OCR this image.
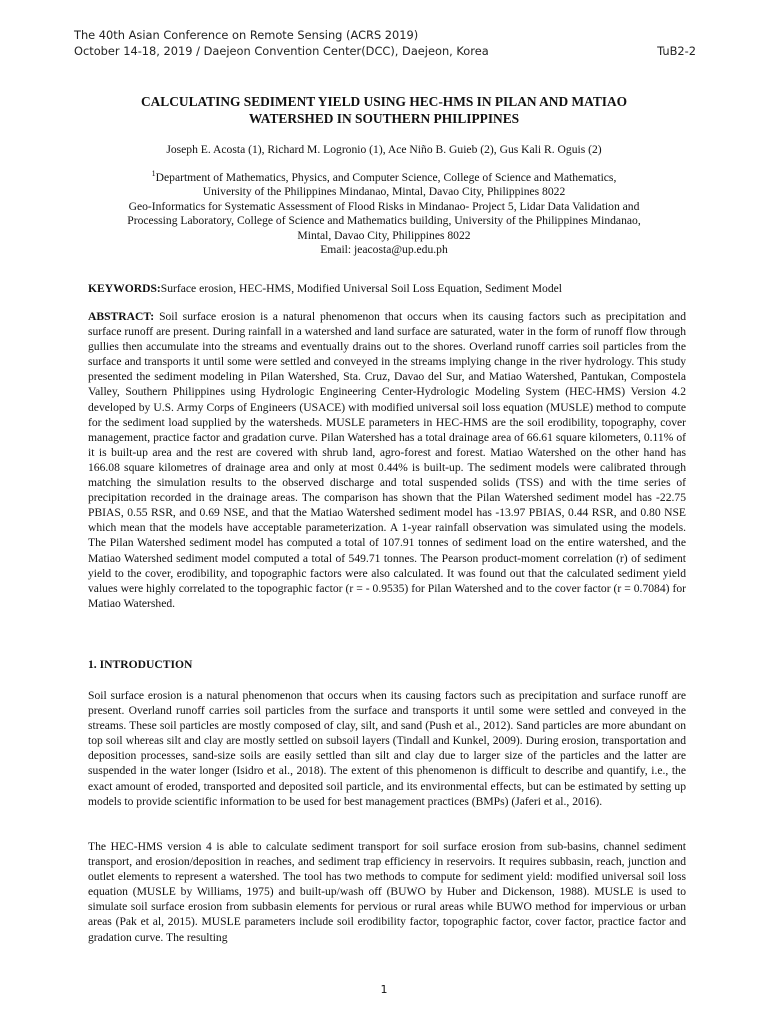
The 40th Asian Conference on Remote Sensing (ACRS 2019)
October 14-18, 2019 / Daejeon Convention Center(DCC), Daejeon, Korea	TuB2-2
CALCULATING SEDIMENT YIELD USING HEC-HMS IN PILAN AND MATIAO
WATERSHED IN SOUTHERN PHILIPPINES
Joseph E. Acosta (1), Richard M. Logronio (1), Ace Niño B. Guieb (2), Gus Kali R. Oguis (2)
$^1$Department of Mathematics, Physics, and Computer Science, College of Science and Mathematics,
University of the Philippines Mindanao, Mintal, Davao City, Philippines 8022
Geo-Informatics for Systematic Assessment of Flood Risks in Mindanao- Project 5, Lidar Data Validation and
Processing Laboratory, College of Science and Mathematics building, University of the Philippines Mindanao,
Mintal, Davao City, Philippines 8022
Email: jeacosta@up.edu.ph
KEYWORDS:Surface erosion, HEC-HMS, Modified Universal Soil Loss Equation, Sediment Model

ABSTRACT: Soil surface erosion is a natural phenomenon that occurs when its causing factors such as precipitation and surface runoff are present. During rainfall in a watershed and land surface are saturated, water in the form of runoff flow through gullies then accumulate into the streams and eventually drains out to the shores. Overland runoff carries soil particles from the surface and transports it until some were settled and conveyed in the streams implying change in the river hydrology. This study presented the sediment modeling in Pilan Watershed, Sta. Cruz, Davao del Sur, and Matiao Watershed, Pantukan, Compostela Valley, Southern Philippines using Hydrologic Engineering Center-Hydrologic Modeling System (HEC-HMS) Version 4.2 developed by U.S. Army Corps of Engineers (USACE) with modified universal soil loss equation (MUSLE) method to compute for the sediment load supplied by the watersheds. MUSLE parameters in HEC-HMS are the soil erodibility, topography, cover management, practice factor and gradation curve. Pilan Watershed has a total drainage area of 66.61 square kilometers, 0.11% of it is built-up area and the rest are covered with shrub land, agro-forest and forest. Matiao Watershed on the other hand has 166.08 square kilometres of drainage area and only at most 0.44% is built-up. The sediment models were calibrated through matching the simulation results to the observed discharge and total suspended solids (TSS) and with the time series of precipitation recorded in the drainage areas. The comparison has shown that the Pilan Watershed sediment model has -22.75 PBIAS, 0.55 RSR, and 0.69 NSE, and that the Matiao Watershed sediment model has -13.97 PBIAS, 0.44 RSR, and 0.80 NSE which mean that the models have acceptable parameterization. A 1-year rainfall observation was simulated using the models. The Pilan Watershed sediment model has computed a total of 107.91 tonnes of sediment load on the entire watershed, and the Matiao Watershed sediment model computed a total of 549.71 tonnes. The Pearson product-moment correlation (r) of sediment yield to the cover, erodibility, and topographic factors were also calculated. It was found out that the calculated sediment yield values were highly correlated to the topographic factor (r = - 0.9535) for Pilan Watershed and to the cover factor (r = 0.7084) for Matiao Watershed.

1. INTRODUCTION

Soil surface erosion is a natural phenomenon that occurs when its causing factors such as precipitation and surface runoff are present. Overland runoff carries soil particles from the surface and transports it until some were settled and conveyed in the streams. These soil particles are mostly composed of clay, silt, and sand (Push et al., 2012). Sand particles are more abundant on top soil whereas silt and clay are mostly settled on subsoil layers (Tindall and Kunkel, 2009). During erosion, transportation and deposition processes, sand-size soils are easily settled than silt and clay due to larger size of the particles and the latter are suspended in the water longer (Isidro et al., 2018). The extent of this phenomenon is difficult to describe and quantify, i.e., the exact amount of eroded, transported and deposited soil particle, and its environmental effects, but can be estimated by setting up models to provide scientific information to be used for best management practices (BMPs) (Jaferi et al., 2016).

The HEC-HMS version 4 is able to calculate sediment transport for soil surface erosion from sub-basins, channel sediment transport, and erosion/deposition in reaches, and sediment trap efficiency in reservoirs. It requires subbasin, reach, junction and outlet elements to represent a watershed. The tool has two methods to compute for sediment yield: modified universal soil loss equation (MUSLE by Williams, 1975) and built-up/wash off (BUWO by Huber and Dickenson, 1988). MUSLE is used to simulate soil surface erosion from subbasin elements for pervious or rural areas while BUWO method for impervious or urban areas (Pak et al, 2015). MUSLE parameters include soil erodibility factor, topographic factor, cover factor, practice factor and gradation curve. The resulting

1
